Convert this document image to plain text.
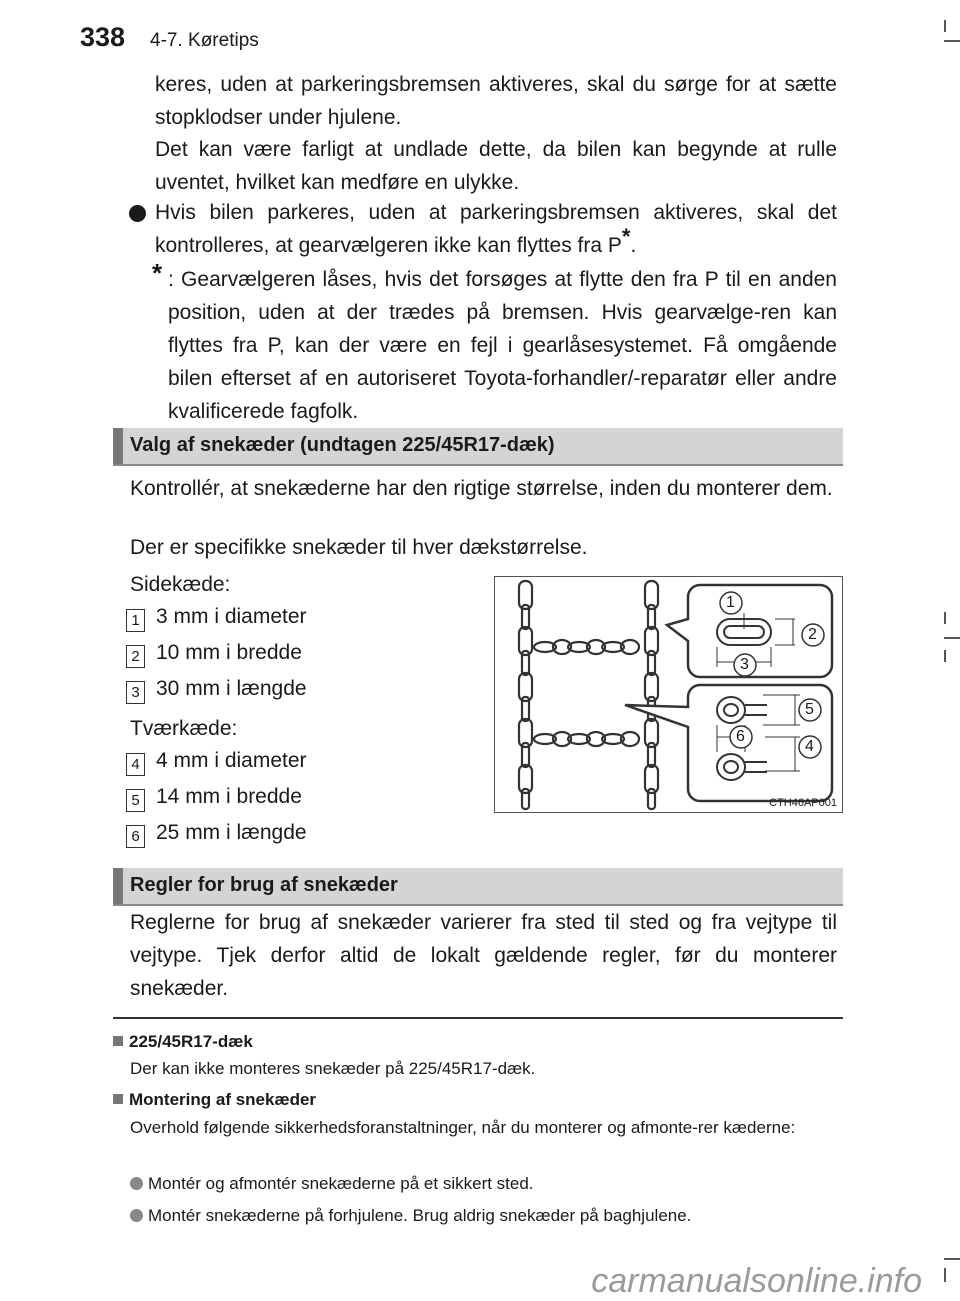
338 4-7. Køretips
keres, uden at parkeringsbremsen aktiveres, skal du sørge for at sætte stopklodser under hjulene.
Det kan være farligt at undlade dette, da bilen kan begynde at rulle uventet, hvilket kan medføre en ulykke.
Hvis bilen parkeres, uden at parkeringsbremsen aktiveres, skal det kontrolleres, at gearvælgeren ikke kan flyttes fra P*.
* : Gearvælgeren låses, hvis det forsøges at flytte den fra P til en anden position, uden at der trædes på bremsen. Hvis gearvælge-ren kan flyttes fra P, kan der være en fejl i gearlåsesystemet. Få omgående bilen efterset af en autoriseret Toyota-forhandler/-reparatør eller andre kvalificerede fagfolk.
Valg af snekæder (undtagen 225/45R17-dæk)
Kontrollér, at snekæderne har den rigtige størrelse, inden du monterer dem.
Der er specifikke snekæder til hver dækstørrelse.
Sidekæde:
1 3 mm i diameter
2 10 mm i bredde
3 30 mm i længde
Tværkæde:
4 4 mm i diameter
5 14 mm i bredde
6 25 mm i længde
1
2
3
4
5
6
CTH46AP001
Regler for brug af snekæder
Reglerne for brug af snekæder varierer fra sted til sted og fra vejtype til vejtype. Tjek derfor altid de lokalt gældende regler, før du monterer snekæder.
225/45R17-dæk
Der kan ikke monteres snekæder på 225/45R17-dæk.
Montering af snekæder
Overhold følgende sikkerhedsforanstaltninger, når du monterer og afmonte-rer kæderne:
Montér og afmontér snekæderne på et sikkert sted.
Montér snekæderne på forhjulene. Brug aldrig snekæder på baghjulene.
carmanualsonline.info
